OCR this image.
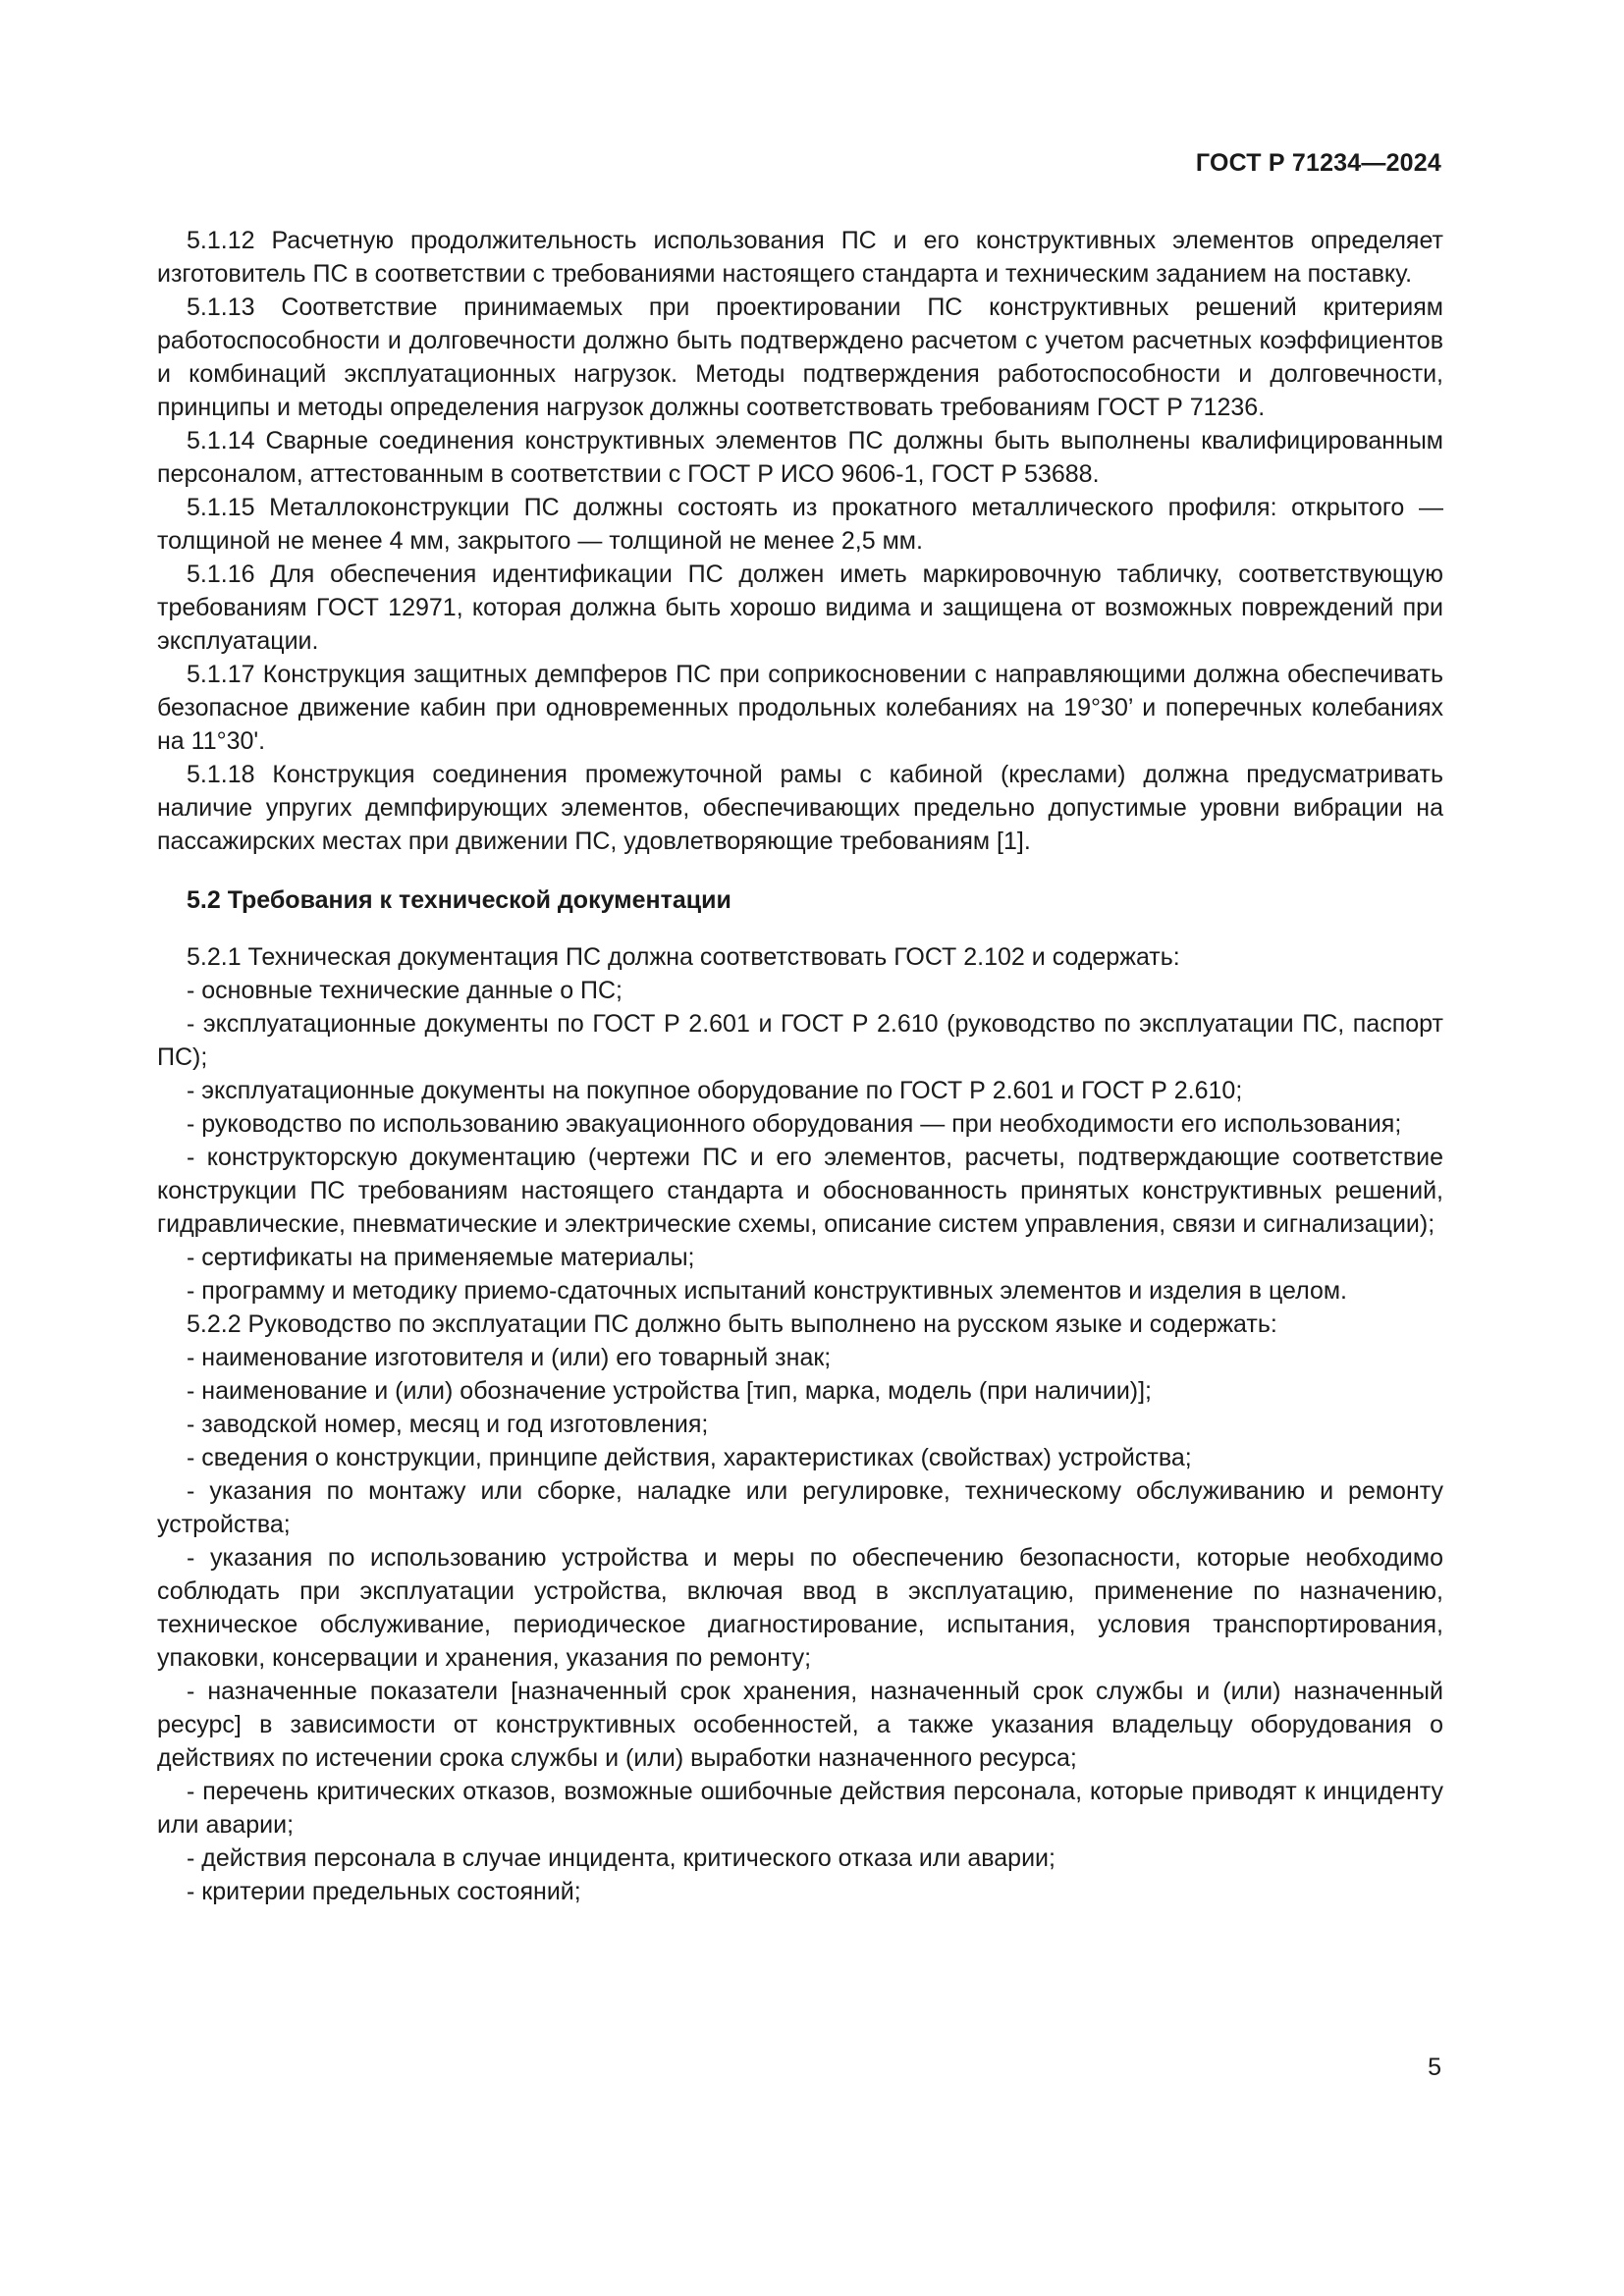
ГОСТ Р 71234—2024

5.1.12 Расчетную продолжительность использования ПС и его конструктивных элементов определяет изготовитель ПС в соответствии с требованиями настоящего стандарта и техническим заданием на поставку.

5.1.13 Соответствие принимаемых при проектировании ПС конструктивных решений критериям работоспособности и долговечности должно быть подтверждено расчетом с учетом расчетных коэффициентов и комбинаций эксплуатационных нагрузок. Методы подтверждения работоспособности и долговечности, принципы и методы определения нагрузок должны соответствовать требованиям ГОСТ Р 71236.

5.1.14 Сварные соединения конструктивных элементов ПС должны быть выполнены квалифицированным персоналом, аттестованным в соответствии с ГОСТ Р ИСО 9606-1, ГОСТ Р 53688.

5.1.15 Металлоконструкции ПС должны состоять из прокатного металлического профиля: открытого — толщиной не менее 4 мм, закрытого — толщиной не менее 2,5 мм.

5.1.16 Для обеспечения идентификации ПС должен иметь маркировочную табличку, соответствующую требованиям ГОСТ 12971, которая должна быть хорошо видима и защищена от возможных повреждений при эксплуатации.

5.1.17 Конструкция защитных демпферов ПС при соприкосновении с направляющими должна обеспечивать безопасное движение кабин при одновременных продольных колебаниях на 19°30’ и поперечных колебаниях на 11°30'.

5.1.18 Конструкция соединения промежуточной рамы с кабиной (креслами) должна предусматривать наличие упругих демпфирующих элементов, обеспечивающих предельно допустимые уровни вибрации на пассажирских местах при движении ПС, удовлетворяющие требованиям [1].

5.2 Требования к технической документации

5.2.1 Техническая документация ПС должна соответствовать ГОСТ 2.102 и содержать:

- основные технические данные о ПС;

- эксплуатационные документы по ГОСТ Р 2.601 и ГОСТ Р 2.610 (руководство по эксплуатации ПС, паспорт ПС);

- эксплуатационные документы на покупное оборудование по ГОСТ Р 2.601 и ГОСТ Р 2.610;

- руководство по использованию эвакуационного оборудования — при необходимости его использования;

- конструкторскую документацию (чертежи ПС и его элементов, расчеты, подтверждающие соответствие конструкции ПС требованиям настоящего стандарта и обоснованность принятых конструктивных решений, гидравлические, пневматические и электрические схемы, описание систем управления, связи и сигнализации);

- сертификаты на применяемые материалы;

- программу и методику приемо-сдаточных испытаний конструктивных элементов и изделия в целом.

5.2.2 Руководство по эксплуатации ПС должно быть выполнено на русском языке и содержать:

- наименование изготовителя и (или) его товарный знак;

- наименование и (или) обозначение устройства [тип, марка, модель (при наличии)];

- заводской номер, месяц и год изготовления;

- сведения о конструкции, принципе действия, характеристиках (свойствах) устройства;

- указания по монтажу или сборке, наладке или регулировке, техническому обслуживанию и ремонту устройства;

- указания по использованию устройства и меры по обеспечению безопасности, которые необходимо соблюдать при эксплуатации устройства, включая ввод в эксплуатацию, применение по назначению, техническое обслуживание, периодическое диагностирование, испытания, условия транспортирования, упаковки, консервации и хранения, указания по ремонту;

- назначенные показатели [назначенный срок хранения, назначенный срок службы и (или) назначенный ресурс] в зависимости от конструктивных особенностей, а также указания владельцу оборудования о действиях по истечении срока службы и (или) выработки назначенного ресурса;

- перечень критических отказов, возможные ошибочные действия персонала, которые приводят к инциденту или аварии;

- действия персонала в случае инцидента, критического отказа или аварии;

- критерии предельных состояний;

5
